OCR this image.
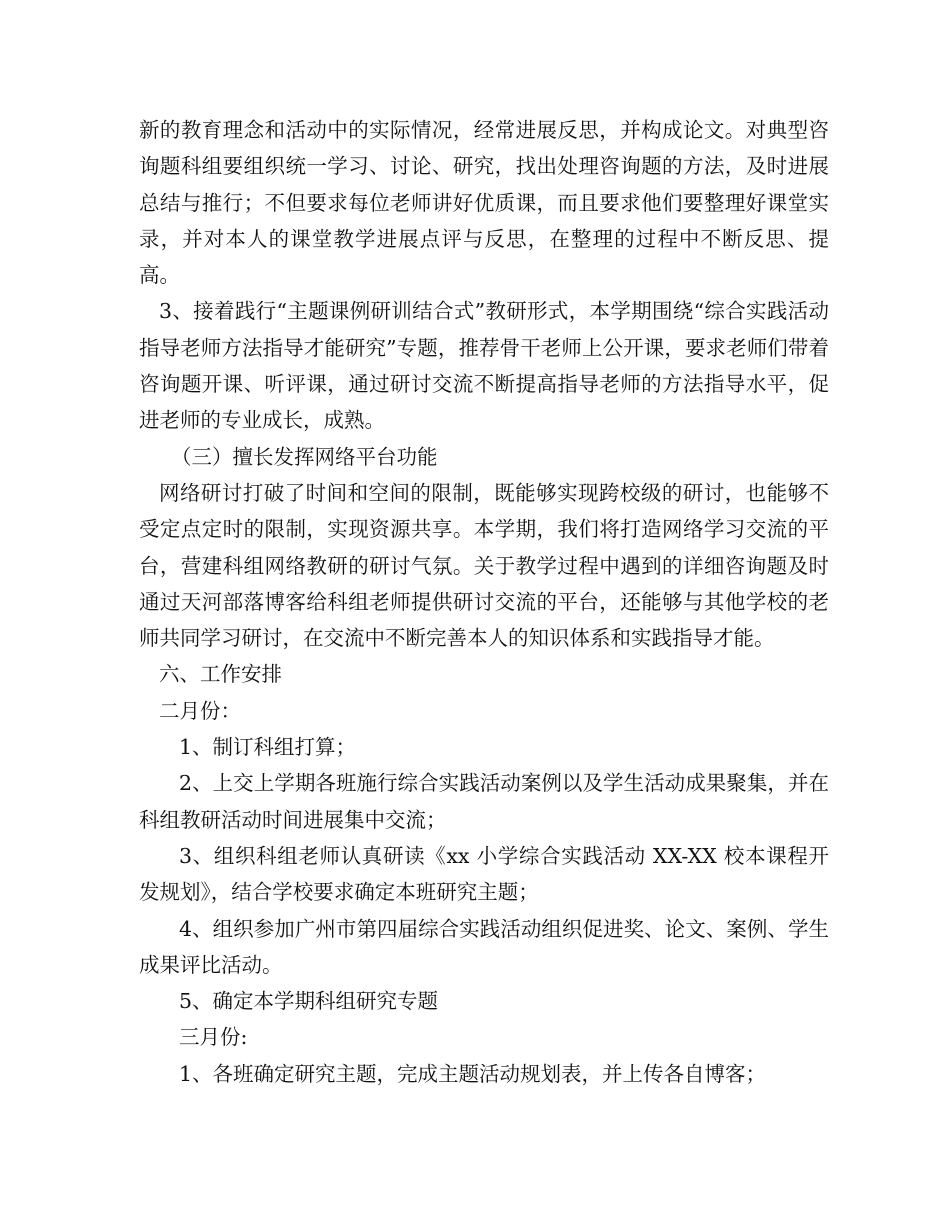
新的教育理念和活动中的实际情况，经常进展反思，并构成论文。对典型咨询题科组要组织统一学习、讨论、研究，找出处理咨询题的方法，及时进展总结与推行；不但要求每位老师讲好优质课，而且要求他们要整理好课堂实录，并对本人的课堂教学进展点评与反思，在整理的过程中不断反思、提高。

3、接着践行“主题课例研训结合式”教研形式，本学期围绕“综合实践活动指导老师方法指导才能研究”专题，推荐骨干老师上公开课，要求老师们带着咨询题开课、听评课，通过研讨交流不断提高指导老师的方法指导水平，促进老师的专业成长，成熟。

（三）擅长发挥网络平台功能

网络研讨打破了时间和空间的限制，既能够实现跨校级的研讨，也能够不受定点定时的限制，实现资源共享。本学期，我们将打造网络学习交流的平台，营建科组网络教研的研讨气氛。关于教学过程中遇到的详细咨询题及时通过天河部落博客给科组老师提供研讨交流的平台，还能够与其他学校的老师共同学习研讨，在交流中不断完善本人的知识体系和实践指导才能。

六、工作安排

二月份：

1、制订科组打算；

2、上交上学期各班施行综合实践活动案例以及学生活动成果聚集，并在科组教研活动时间进展集中交流；

3、组织科组老师认真研读《xx 小学综合实践活动 XX-XX 校本课程开发规划》，结合学校要求确定本班研究主题；

4、组织参加广州市第四届综合实践活动组织促进奖、论文、案例、学生成果评比活动。

5、确定本学期科组研究专题

三月份:

1、各班确定研究主题，完成主题活动规划表，并上传各自博客；
